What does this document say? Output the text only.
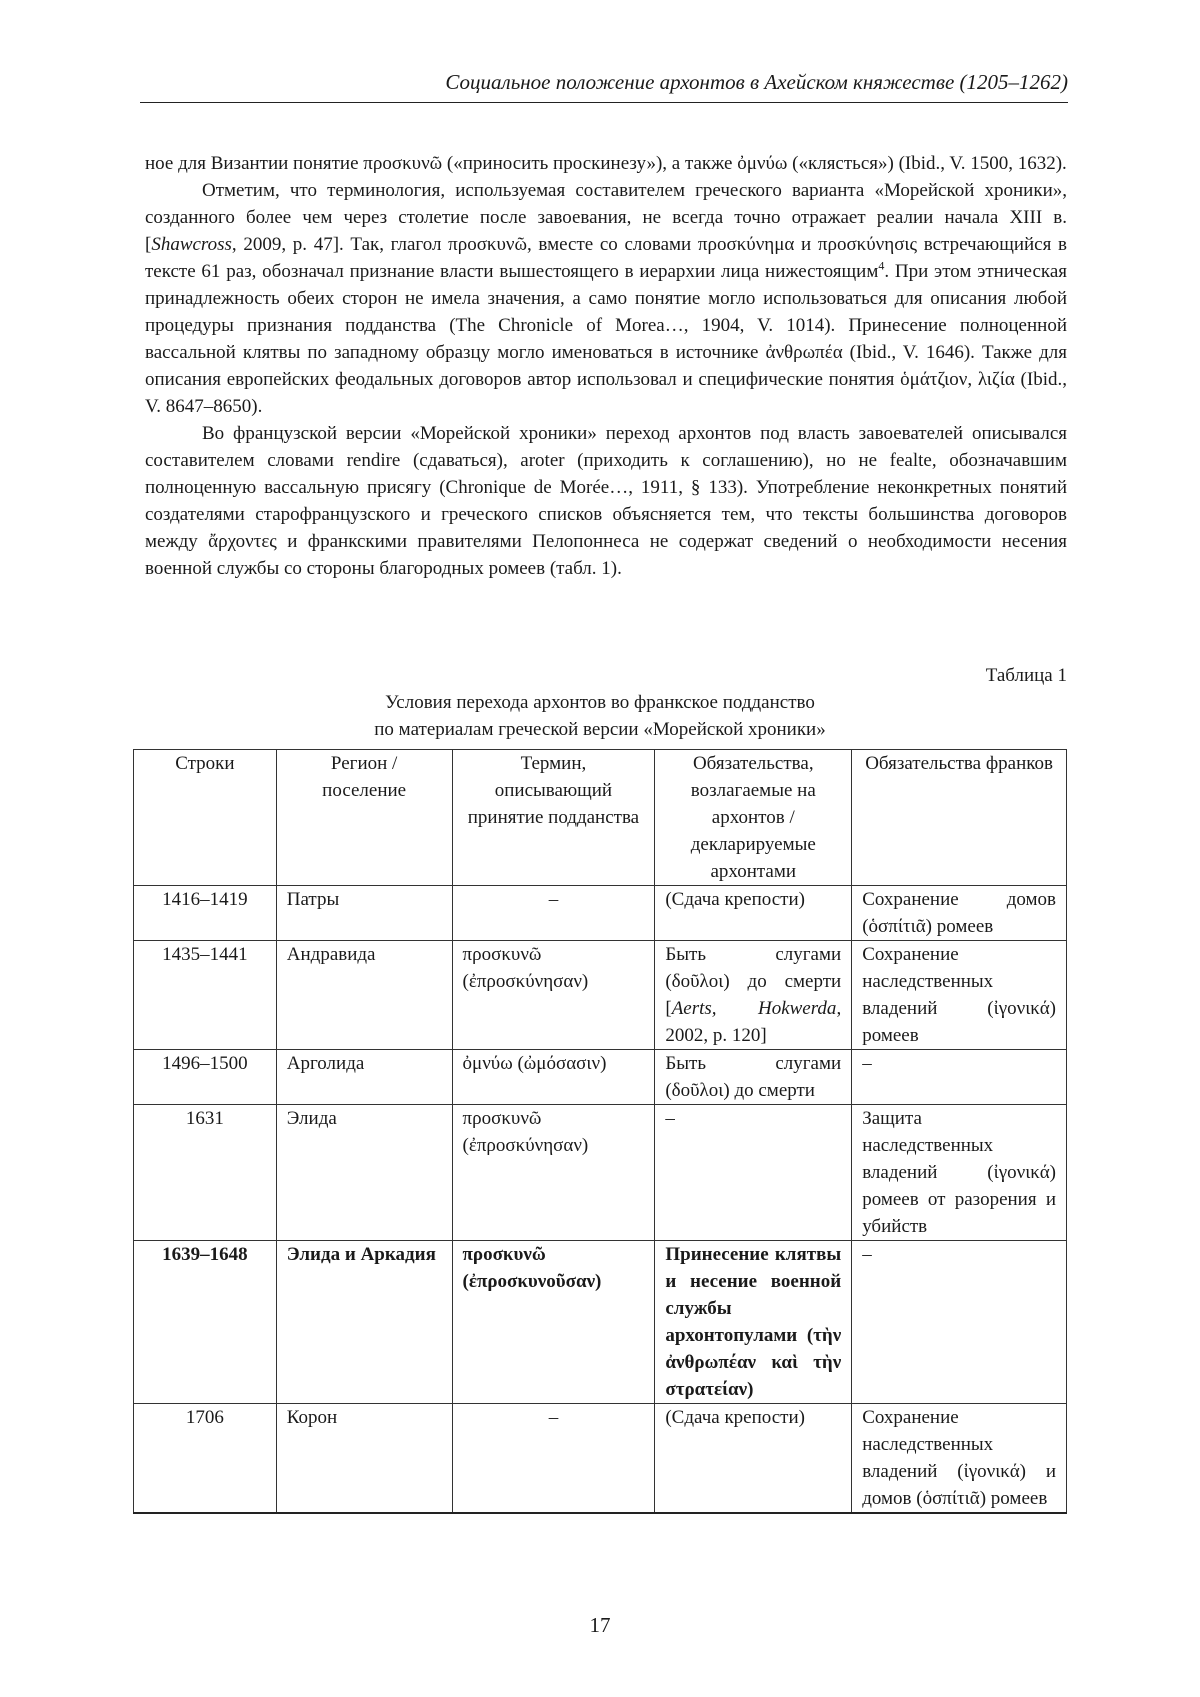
Социальное положение архонтов в Ахейском княжестве (1205–1262)

ное для Византии понятие προσκυνῶ («приносить проскинезу»), а также ὀμνύω («клясться») (Ibid., V. 1500, 1632).

Отметим, что терминология, используемая составителем греческого варианта «Морейской хроники», созданного более чем через столетие после завоевания, не всегда точно отражает реалии начала XIII в. [Shawcross, 2009, p. 47]. Так, глагол προσκυνῶ, вместе со словами προσκύνημα и προσκύνησις встречающийся в тексте 61 раз, обозначал признание власти вышестоящего в иерархии лица нижестоящим$^4$. При этом этническая принадлежность обеих сторон не имела значения, а само понятие могло использоваться для описания любой процедуры признания подданства (The Chronicle of Morea…, 1904, V. 1014). Принесение полноценной вассальной клятвы по западному образцу могло именоваться в источнике ἀνθρωπέα (Ibid., V. 1646). Также для описания европейских феодальных договоров автор использовал и специфические понятия ὁμάτζιον, λιζία (Ibid., V. 8647–8650).

Во французской версии «Морейской хроники» переход архонтов под власть завоевателей описывался составителем словами rendire (сдаваться), aroter (приходить к соглашению), но не fealte, обозначавшим полноценную вассальную присягу (Chronique de Morée…, 1911, § 133). Употребление неконкретных понятий создателями старофранцузского и греческого списков объясняется тем, что тексты большинства договоров между ἄρχοντες и франкскими правителями Пелопоннеса не содержат сведений о необходимости несения военной службы со стороны благородных ромеев (табл. 1).

Таблица 1
Условия перехода архонтов во франкское подданство
по материалам греческой версии «Морейской хроники»
Строки	Регион / поселение	Термин, описывающий принятие подданства	Обязательства, возлагаемые на архонтов / декларируемые архонтами	Обязательства франков
1416–1419	Патры	–	(Сдача крепости)	Сохранение домов (ὁσπίτιᾶ) ромеев
1435–1441	Андравида	προσκυνῶ (ἐπροσκύνησαν)	Быть слугами (δοῦλοι) до смерти [Aerts, Hokwerda, 2002, p. 120]	Сохранение наследственных владений (ἰγονικά) ромеев
1496–1500	Арголида	ὀμνύω (ὠμόσασιν)	Быть слугами (δοῦλοι) до смерти	–
1631	Элида	προσκυνῶ (ἐπροσκύνησαν)	–	Защита наследственных владений (ἰγονικά) ромеев от разорения и убийств
1639–1648	Элида и Аркадия	προσκυνῶ (ἐπροσκυνοῦσαν)	Принесение клятвы и несение военной службы архонтопулами (τὴν ἀνθρωπέαν καὶ τὴν στρατείαν)	–
1706	Корон	–	(Сдача крепости)	Сохранение наследственных владений (ἰγονικά) и домов (ὁσπίτιᾶ) ромеев
17
